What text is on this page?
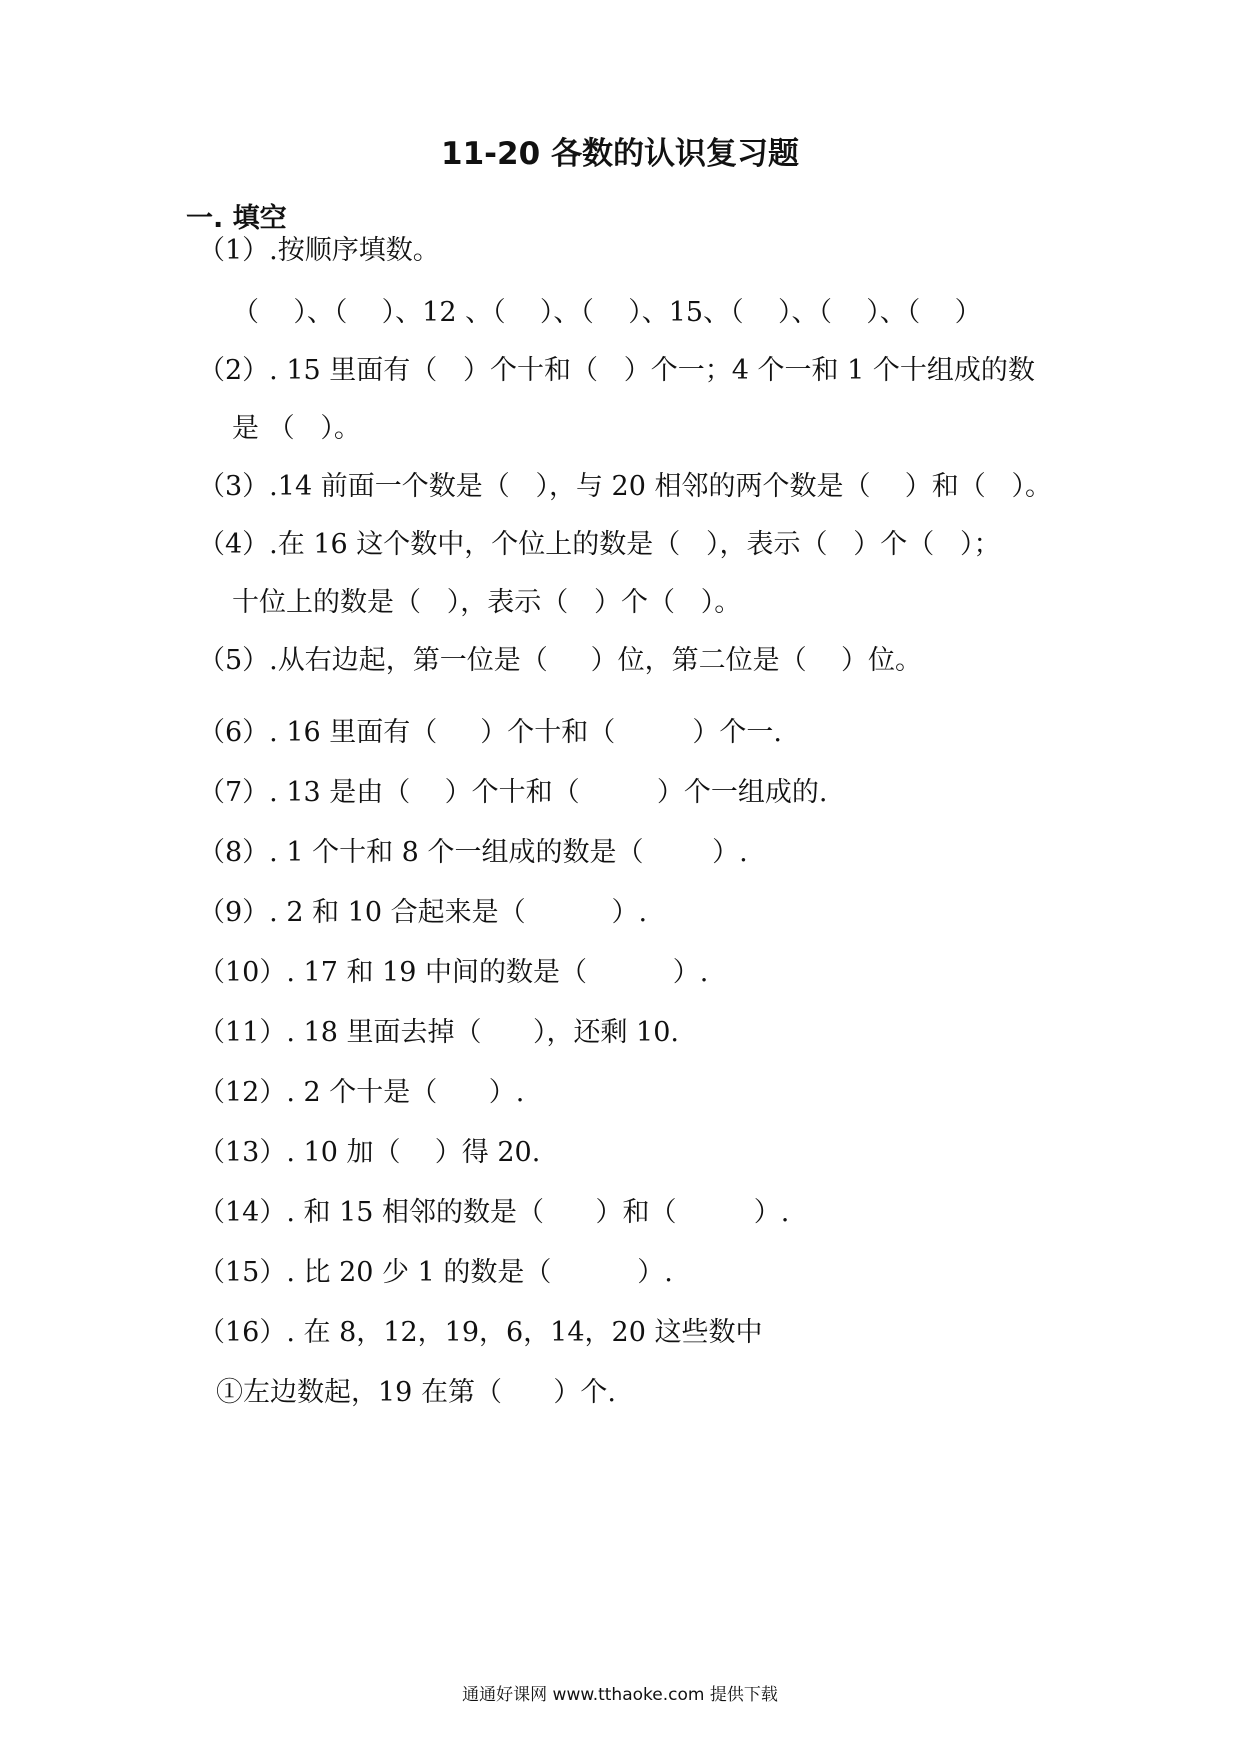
11-20 各数的认识复习题
一. 填空
（1）.按顺序填数。
（    ）、（    ）、12 、（    ）、（    ）、15、（    ）、（    ）、（    ）
（2）. 15 里面有（   ）个十和（   ）个一；4 个一和 1 个十组成的数
是 （   ）。
（3）.14 前面一个数是（   ），与 20 相邻的两个数是（    ）和（   ）。
（4）.在 16 这个数中，个位上的数是（   ），表示（   ）个（   ）；
十位上的数是（   ），表示（   ）个（   ）。
（5）.从右边起，第一位是（     ）位，第二位是（    ）位。
（6）. 16 里面有（     ）个十和（         ）个一.
（7）. 13 是由（    ）个十和（         ）个一组成的.
（8）. 1 个十和 8 个一组成的数是（        ）.
（9）. 2 和 10 合起来是（          ）.
（10）. 17 和 19 中间的数是（          ）.
（11）. 18 里面去掉（      ），还剩 10.
（12）. 2 个十是（      ）.
（13）. 10 加（    ）得 20.
（14）. 和 15 相邻的数是（      ）和（         ）.
（15）. 比 20 少 1 的数是（          ）.
（16）. 在 8，12，19，6，14，20 这些数中
①左边数起，19 在第（      ）个.
通通好课网 www.tthaoke.com 提供下载
